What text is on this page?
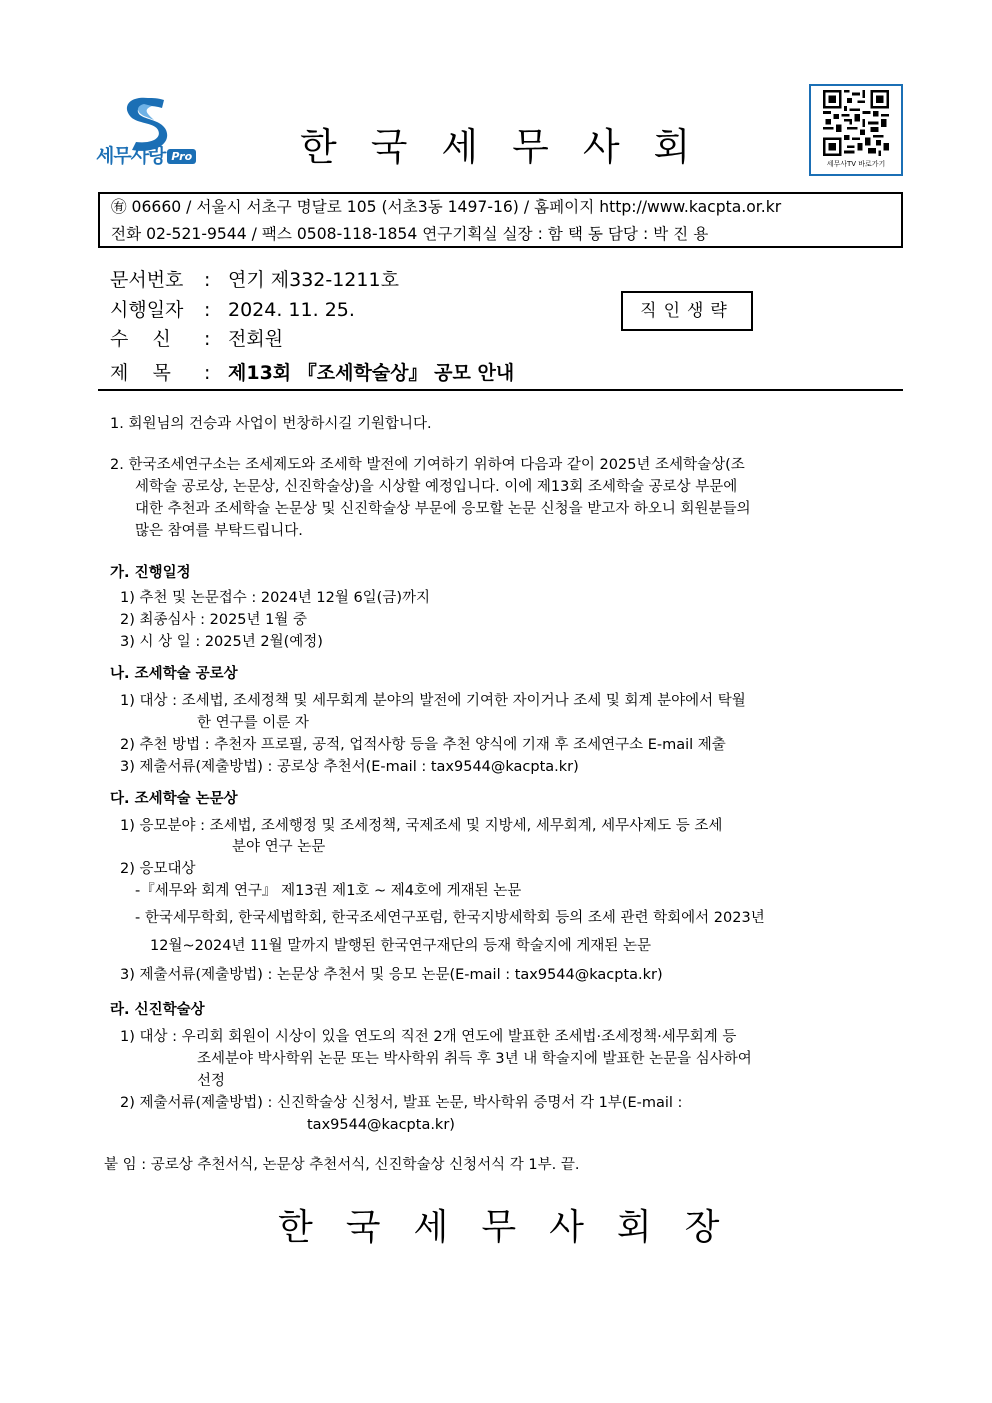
세무사랑 Pro	한국세무사회	세무사TV 바로가기
㊒ 06660 / 서울시 서초구 명달로 105 (서초3동 1497-16) / 홈페이지 http://www.kacpta.or.kr
전화 02-521-9544 / 팩스 0508-118-1854 연구기획실 실장 : 함 택 동 담당 : 박 진 용
문서번호 : 연기 제332-1211호
시행일자 : 2024. 11. 25.
수    신 : 전회원
제    목 : 제13회 『조세학술상』 공모 안내
직인생략
1. 회원님의 건승과 사업이 번창하시길 기원합니다.
2. 한국조세연구소는 조세제도와 조세학 발전에 기여하기 위하여 다음과 같이 2025년 조세학술상(조
세학술 공로상, 논문상, 신진학술상)을 시상할 예정입니다. 이에 제13회 조세학술 공로상 부문에
대한 추천과 조세학술 논문상 및 신진학술상 부문에 응모할 논문 신청을 받고자 하오니 회원분들의
많은 참여를 부탁드립니다.
가. 진행일정
1) 추천 및 논문접수 : 2024년 12월 6일(금)까지
2) 최종심사 : 2025년 1월 중
3) 시 상 일 : 2025년 2월(예정)
나. 조세학술 공로상
1) 대상 : 조세법, 조세정책 및 세무회계 분야의 발전에 기여한 자이거나 조세 및 회계 분야에서 탁월
한 연구를 이룬 자
2) 추천 방법 : 추천자 프로필, 공적, 업적사항 등을 추천 양식에 기재 후 조세연구소 E-mail 제출
3) 제출서류(제출방법) : 공로상 추천서(E-mail : tax9544@kacpta.kr)
다. 조세학술 논문상
1) 응모분야 : 조세법, 조세행정 및 조세정책, 국제조세 및 지방세, 세무회계, 세무사제도 등 조세
분야 연구 논문
2) 응모대상
-『세무와 회계 연구』 제13권 제1호 ~ 제4호에 게재된 논문
- 한국세무학회, 한국세법학회, 한국조세연구포럼, 한국지방세학회 등의 조세 관련 학회에서 2023년
12월~2024년 11월 말까지 발행된 한국연구재단의 등재 학술지에 게재된 논문
3) 제출서류(제출방법) : 논문상 추천서 및 응모 논문(E-mail : tax9544@kacpta.kr)
라. 신진학술상
1) 대상 : 우리회 회원이 시상이 있을 연도의 직전 2개 연도에 발표한 조세법·조세정책·세무회계 등
조세분야 박사학위 논문 또는 박사학위 취득 후 3년 내 학술지에 발표한 논문을 심사하여
선정
2) 제출서류(제출방법) : 신진학술상 신청서, 발표 논문, 박사학위 증명서 각 1부(E-mail :
tax9544@kacpta.kr)
붙 임 : 공로상 추천서식, 논문상 추천서식, 신진학술상 신청서식 각 1부. 끝.
한국세무사회장
